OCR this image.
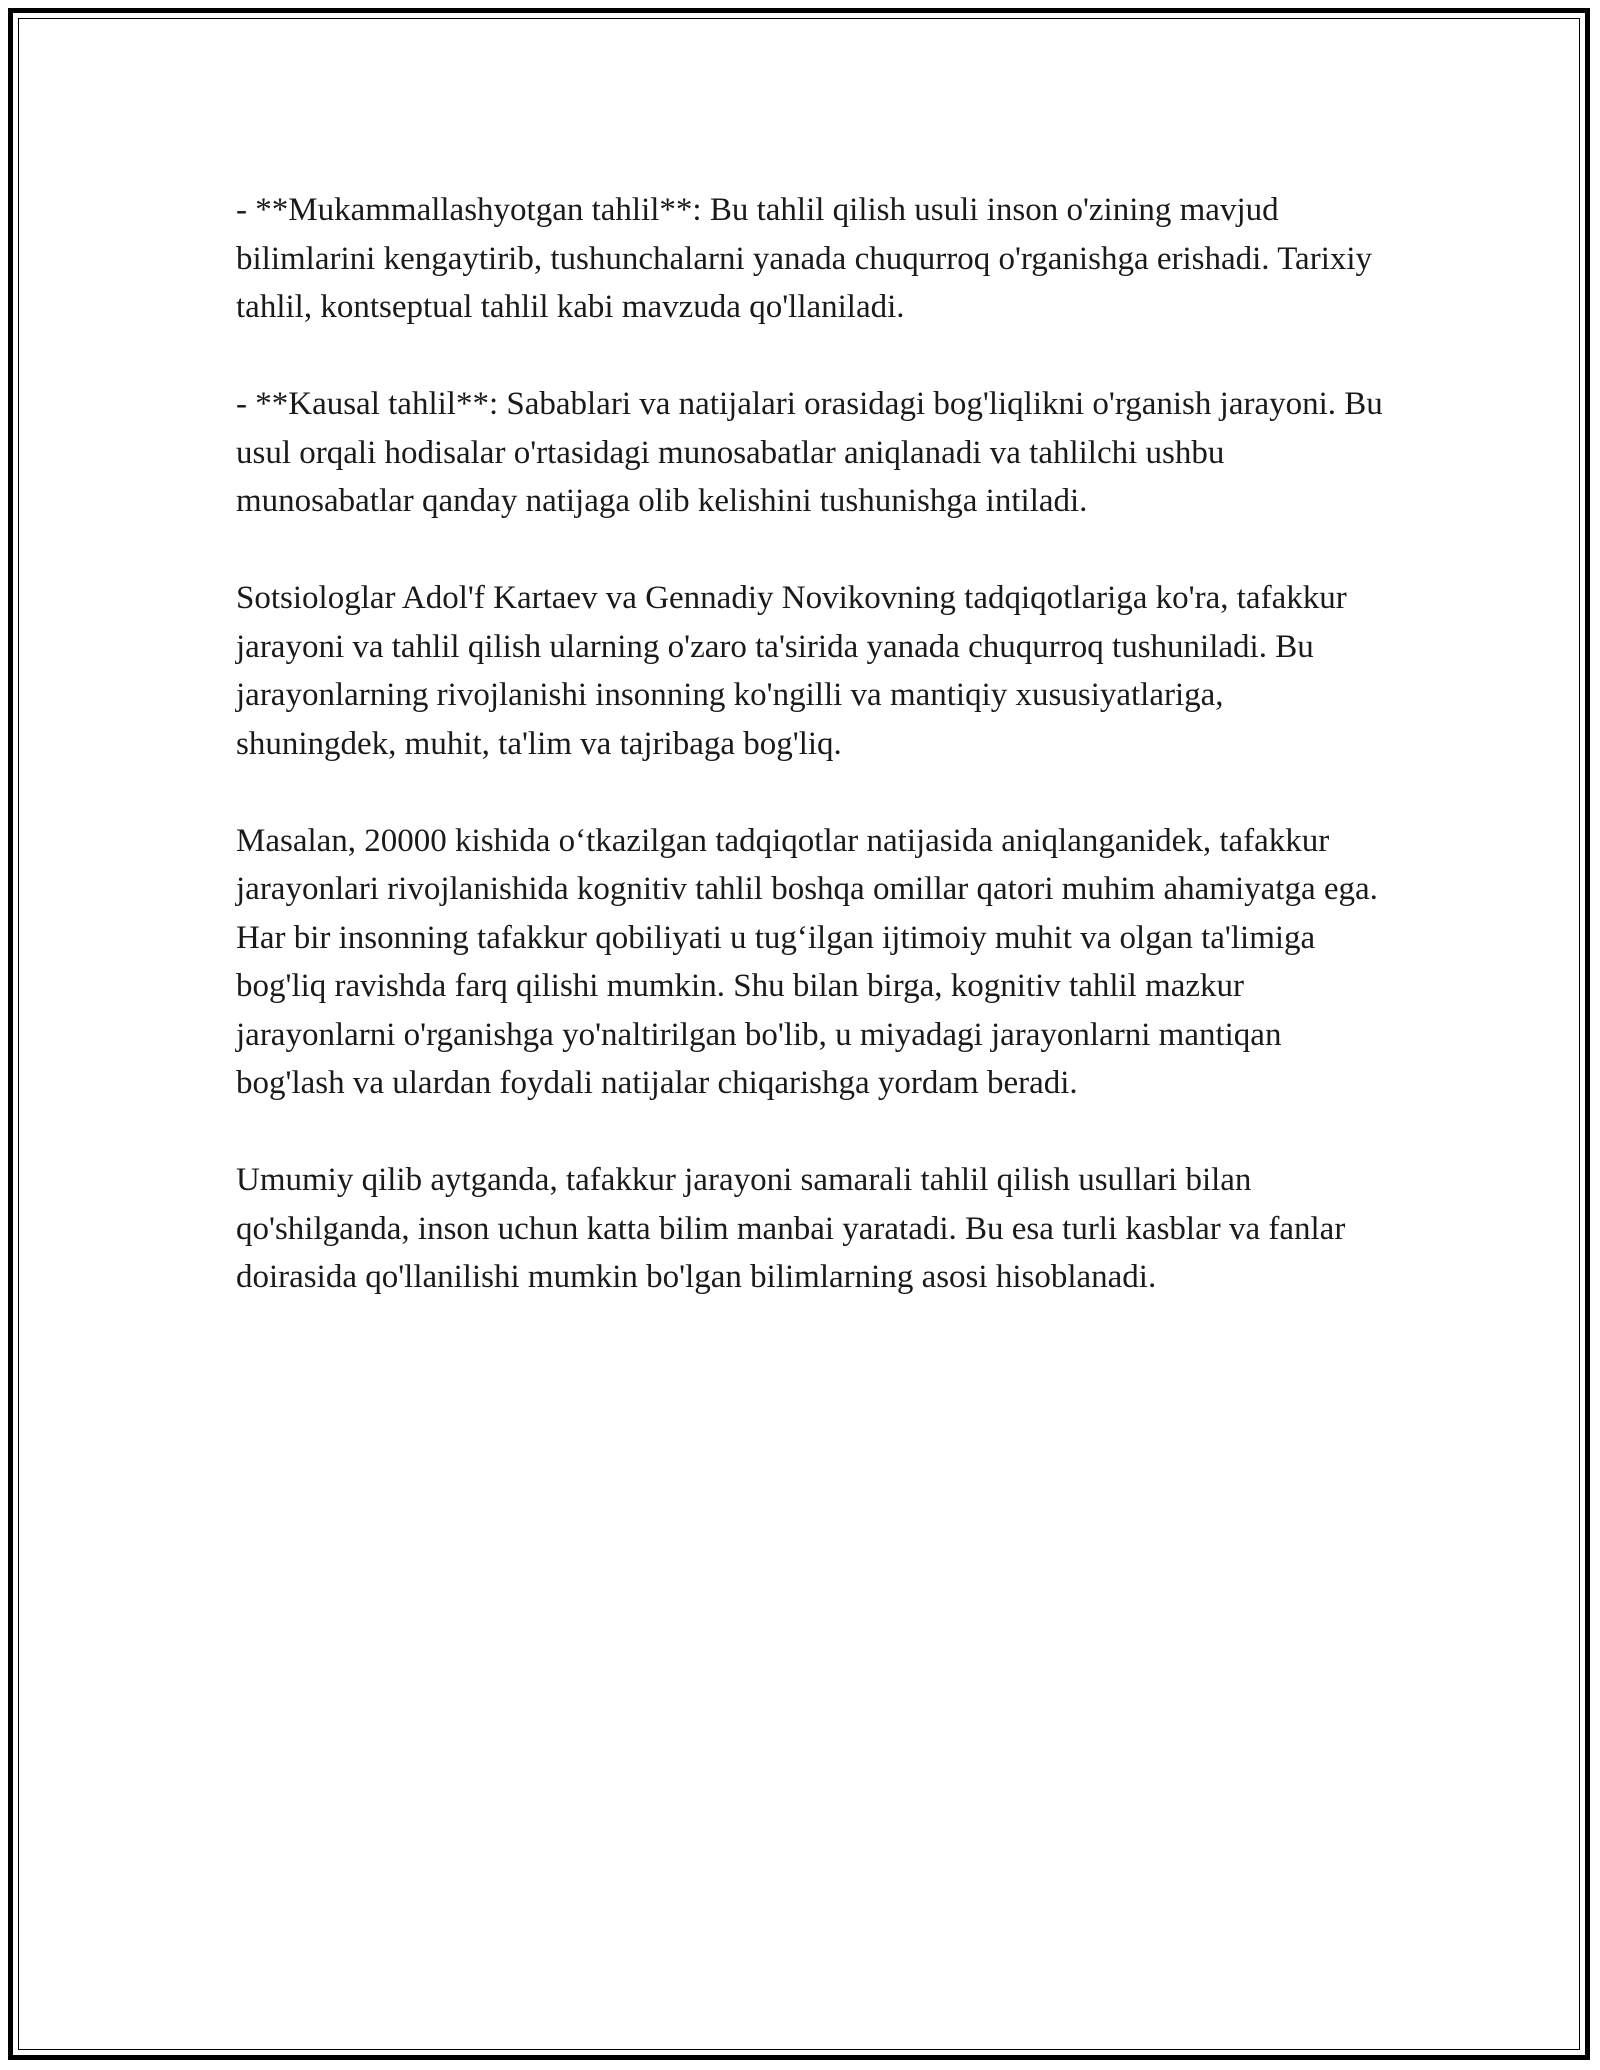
- **Mukammallashyotgan tahlil**: Bu tahlil qilish usuli inson o'zining mavjud bilimlarini kengaytirib, tushunchalarni yanada chuqurroq o'rganishga erishadi. Tarixiy tahlil, kontseptual tahlil kabi mavzuda qo'llaniladi.

- **Kausal tahlil**: Sabablari va natijalari orasidagi bog'liqlikni o'rganish jarayoni. Bu usul orqali hodisalar o'rtasidagi munosabatlar aniqlanadi va tahlilchi ushbu munosabatlar qanday natijaga olib kelishini tushunishga intiladi.

Sotsiologlar Adol'f Kartaev va Gennadiy Novikovning tadqiqotlariga ko'ra, tafakkur jarayoni va tahlil qilish ularning o'zaro ta'sirida yanada chuqurroq tushuniladi. Bu jarayonlarning rivojlanishi insonning ko'ngilli va mantiqiy xususiyatlariga, shuningdek, muhit, ta'lim va tajribaga bog'liq.

Masalan, 20000 kishida o‘tkazilgan tadqiqotlar natijasida aniqlanganidek, tafakkur jarayonlari rivojlanishida kognitiv tahlil boshqa omillar qatori muhim ahamiyatga ega. Har bir insonning tafakkur qobiliyati u tug‘ilgan ijtimoiy muhit va olgan ta'limiga bog'liq ravishda farq qilishi mumkin. Shu bilan birga, kognitiv tahlil mazkur jarayonlarni o'rganishga yo'naltirilgan bo'lib, u miyadagi jarayonlarni mantiqan bog'lash va ulardan foydali natijalar chiqarishga yordam beradi.

Umumiy qilib aytganda, tafakkur jarayoni samarali tahlil qilish usullari bilan qo'shilganda, inson uchun katta bilim manbai yaratadi. Bu esa turli kasblar va fanlar doirasida qo'llanilishi mumkin bo'lgan bilimlarning asosi hisoblanadi.
